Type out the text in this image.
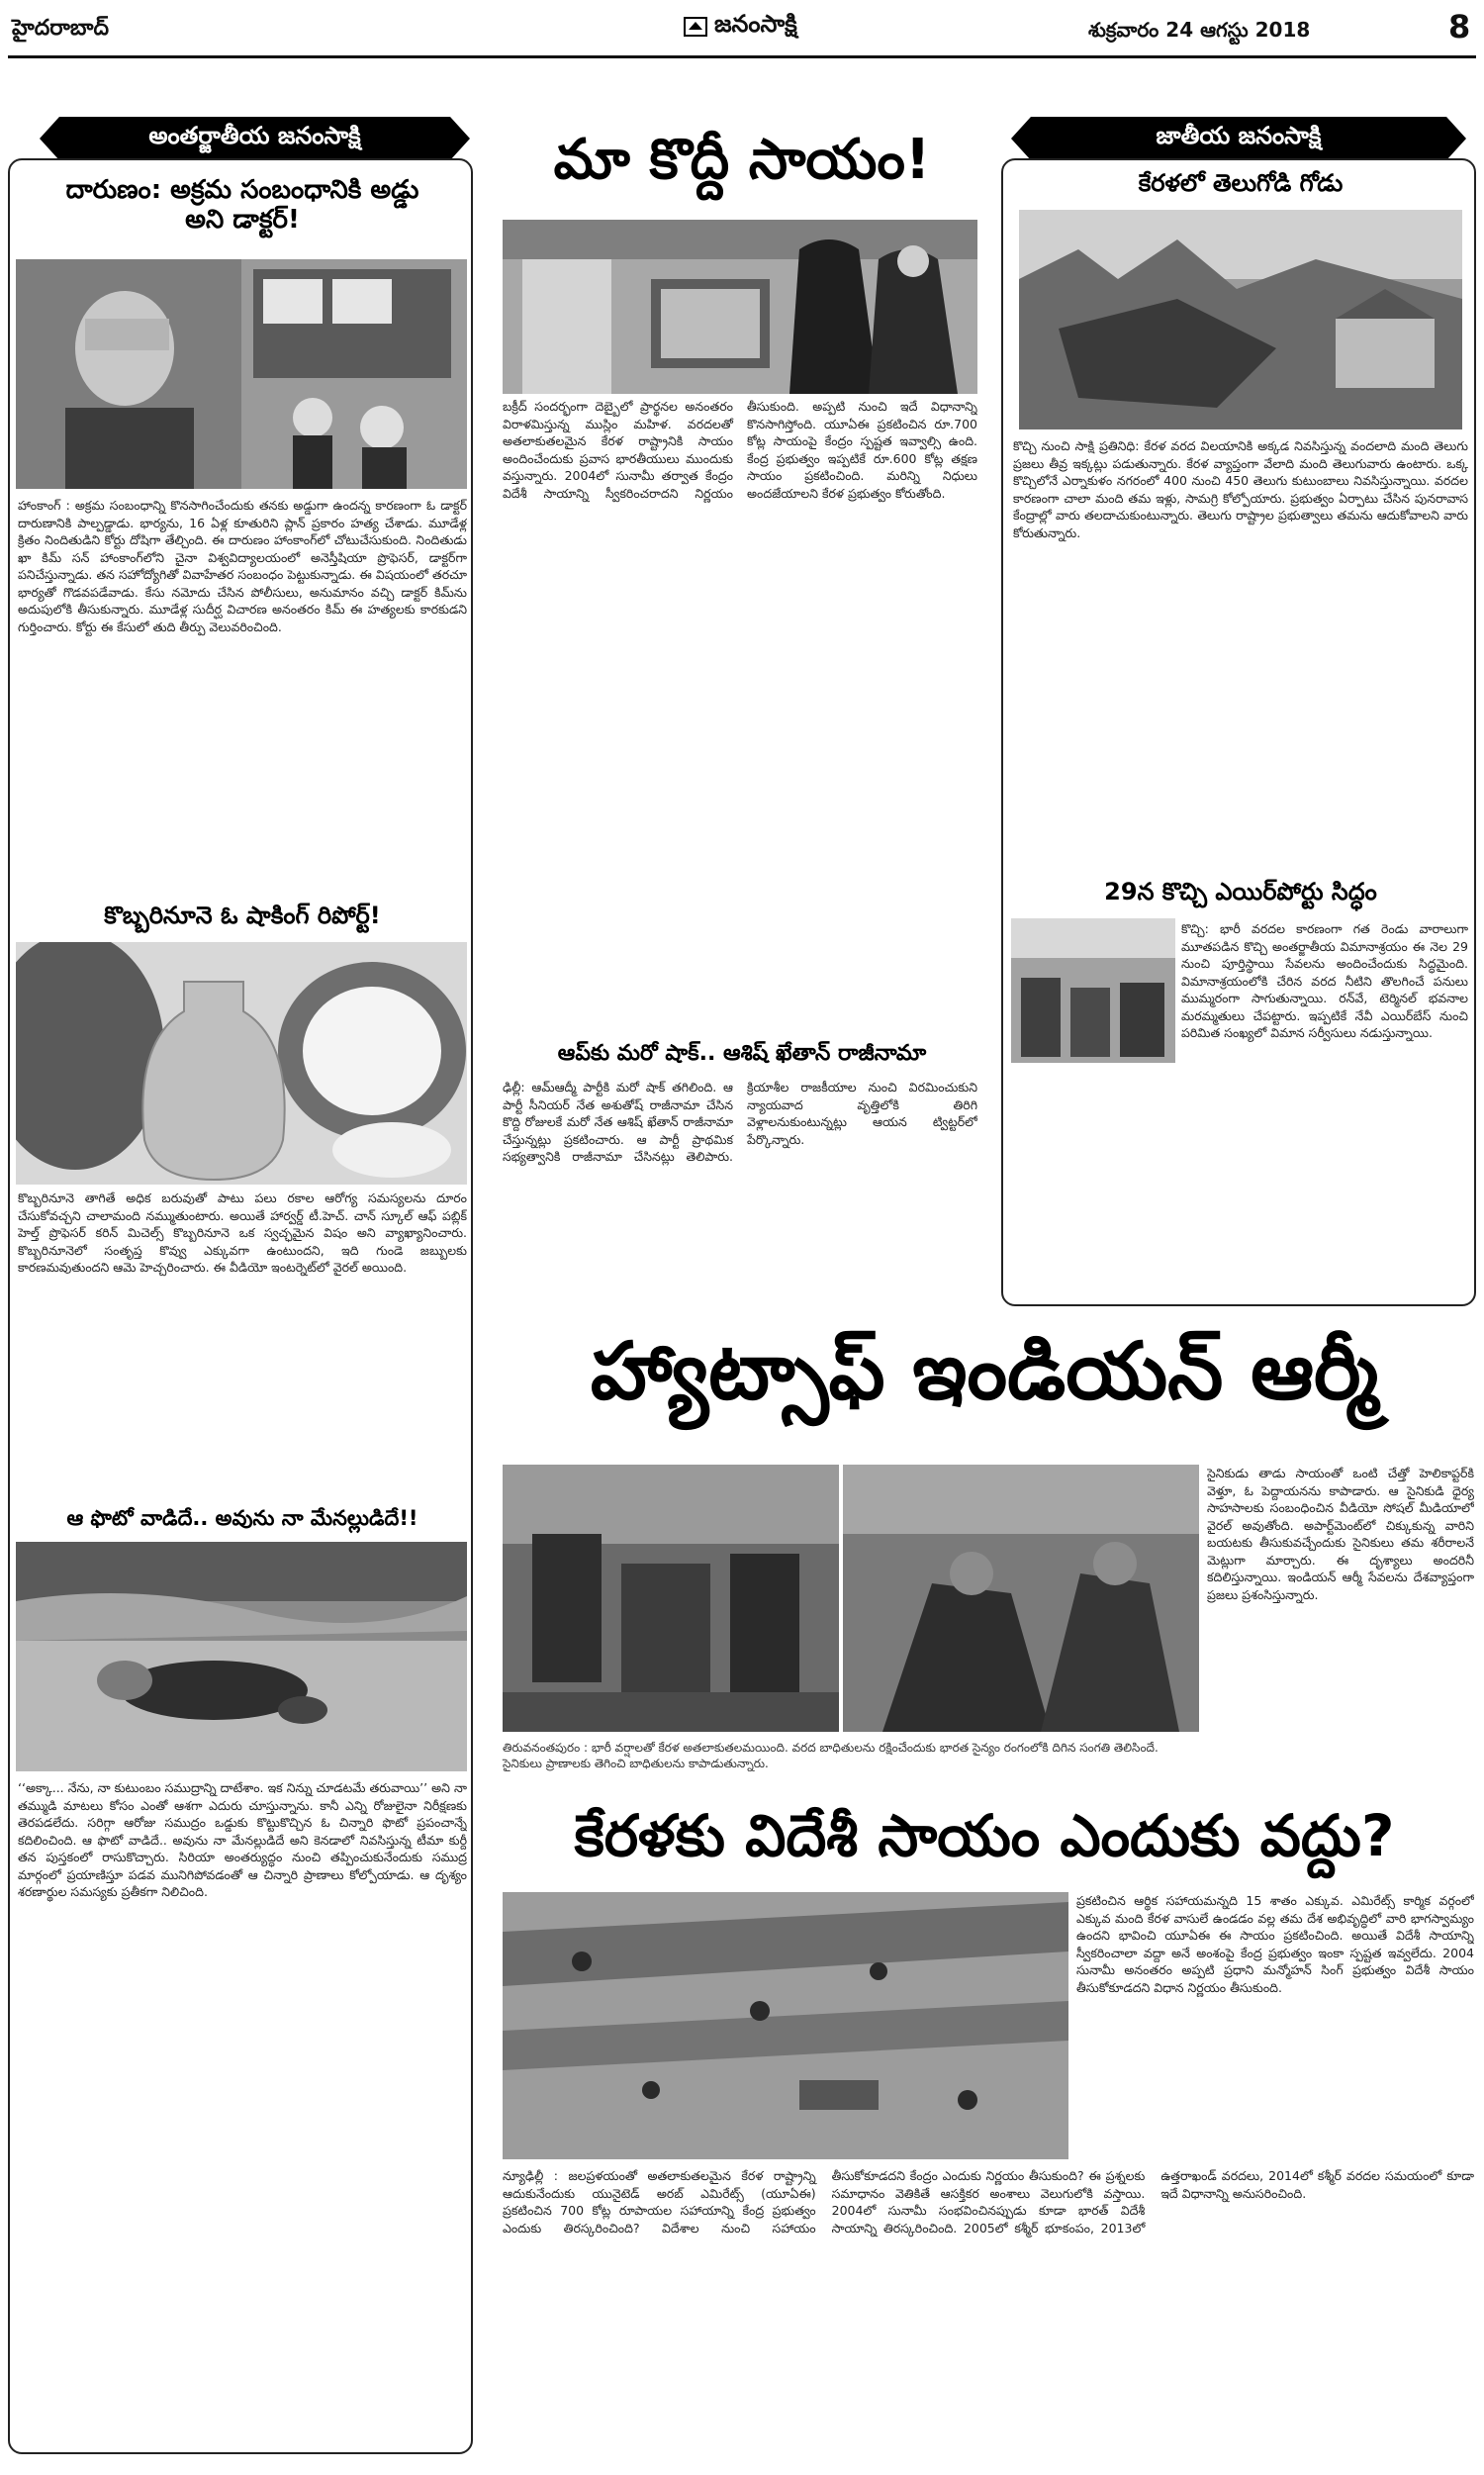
హైదరాబాద్	జనంసాక్షి	శుక్రవారం 24 ఆగస్టు 2018	8
అంతర్జాతీయ జనంసాక్షి	జాతీయ జనంసాక్షి
దారుణం: అక్రమ సంబంధానికి అడ్డు అని డాక్టర్!
హాంకాంగ్ : అక్రమ సంబంధాన్ని కొనసాగించేందుకు తనకు అడ్డుగా ఉందన్న కారణంగా ఓ డాక్టర్ దారుణానికి పాల్పడ్డాడు. భార్యను, 16 ఏళ్ల కూతురిని ప్లాన్ ప్రకారం హత్య చేశాడు. మూడేళ్ల క్రితం నిందితుడిని కోర్టు దోషిగా తేల్చింది. ఈ దారుణం హాంకాంగ్‌లో చోటుచేసుకుంది. నిందితుడు ఖా కిమ్ సన్ హాంకాంగ్‌లోని చైనా విశ్వవిద్యాలయంలో అనెస్తీషియా ప్రొఫెసర్, డాక్టర్‌గా పనిచేస్తున్నాడు. తన సహోద్యోగితో వివాహేతర సంబంధం పెట్టుకున్నాడు. ఈ విషయంలో తరచూ భార్యతో గొడవపడేవాడు. కేసు నమోదు చేసిన పోలీసులు, అనుమానం వచ్చి డాక్టర్ కిమ్‌ను అదుపులోకి తీసుకున్నారు. మూడేళ్ల సుదీర్ఘ విచారణ అనంతరం కిమ్ ఈ హత్యలకు కారకుడని గుర్తించారు. కోర్టు ఈ కేసులో తుది తీర్పు వెలువరించింది.
కొబ్బరినూనె ఓ షాకింగ్ రిపోర్ట్!
కొబ్బరినూనె తాగితే అధిక బరువుతో పాటు పలు రకాల ఆరోగ్య సమస్యలను దూరం చేసుకోవచ్చని చాలామంది నమ్ముతుంటారు. అయితే హార్వర్డ్ టీ.హెచ్. చాన్ స్కూల్ ఆఫ్ పబ్లిక్ హెల్త్ ప్రొఫెసర్ కరిన్ మిచెల్స్ కొబ్బరినూనె ఒక స్వచ్ఛమైన విషం అని వ్యాఖ్యానించారు. కొబ్బరినూనెలో సంతృప్త కొవ్వు ఎక్కువగా ఉంటుందని, ఇది గుండె జబ్బులకు కారణమవుతుందని ఆమె హెచ్చరించారు. ఈ వీడియో ఇంటర్నెట్‌లో వైరల్ అయింది.
ఆ ఫొటో వాడిదే.. అవును నా మేనల్లుడిదే!!
‘‘అక్కా... నేను, నా కుటుంబం సముద్రాన్ని దాటేశాం. ఇక నిన్ను చూడటమే తరువాయి’’ అని నా తమ్ముడి మాటలు కోసం ఎంతో ఆశగా ఎదురు చూస్తున్నాను. కానీ ఎన్ని రోజులైనా నిరీక్షణకు తెరపడలేదు. సరిగ్గా ఆరోజు సముద్రం ఒడ్డుకు కొట్టుకొచ్చిన ఓ చిన్నారి ఫొటో ప్రపంచాన్నే కదిలించింది. ఆ ఫొటో వాడిదే.. అవును నా మేనల్లుడిదే అని కెనడాలో నివసిస్తున్న టీమా కుర్దీ తన పుస్తకంలో రాసుకొచ్చారు. సిరియా అంతర్యుద్ధం నుంచి తప్పించుకునేందుకు సముద్ర మార్గంలో ప్రయాణిస్తూ పడవ మునిగిపోవడంతో ఆ చిన్నారి ప్రాణాలు కోల్పోయాడు. ఆ దృశ్యం శరణార్థుల సమస్యకు ప్రతీకగా నిలిచింది.
మా కొద్దీ సాయం!
బక్రీద్ సందర్భంగా దెబ్బైలో ప్రార్థనల అనంతరం విరాళమిస్తున్న ముస్లిం మహిళ. వరదలతో అతలాకుతలమైన కేరళ రాష్ట్రానికి సాయం అందించేందుకు ప్రవాస భారతీయులు ముందుకు వస్తున్నారు. 2004లో సునామీ తర్వాత కేంద్రం విదేశీ సాయాన్ని స్వీకరించరాదని నిర్ణయం తీసుకుంది. అప్పటి నుంచి ఇదే విధానాన్ని కొనసాగిస్తోంది. యూఏఈ ప్రకటించిన రూ.700 కోట్ల సాయంపై కేంద్రం స్పష్టత ఇవ్వాల్సి ఉంది. కేంద్ర ప్రభుత్వం ఇప్పటికే రూ.600 కోట్ల తక్షణ సాయం ప్రకటించింది. మరిన్ని నిధులు అందజేయాలని కేరళ ప్రభుత్వం కోరుతోంది.
ఆప్‌కు మరో షాక్.. ఆశిష్ ఖేతాన్ రాజీనామా
ఢిల్లీ: ఆమ్‌ఆద్మీ పార్టీకి మరో షాక్ తగిలింది. ఆ పార్టీ సీనియర్ నేత అశుతోష్ రాజీనామా చేసిన కొద్ది రోజులకే మరో నేత ఆశిష్ ఖేతాన్ రాజీనామా చేస్తున్నట్లు ప్రకటించారు. ఆ పార్టీ ప్రాథమిక సభ్యత్వానికి రాజీనామా చేసినట్లు తెలిపారు. క్రియాశీల రాజకీయాల నుంచి విరమించుకుని న్యాయవాద వృత్తిలోకి తిరిగి వెళ్లాలనుకుంటున్నట్లు ఆయన ట్విట్టర్‌లో పేర్కొన్నారు.
కేరళలో తెలుగోడి గోడు
కొచ్చి నుంచి సాక్షి ప్రతినిధి: కేరళ వరద విలయానికి అక్కడ నివసిస్తున్న వందలాది మంది తెలుగు ప్రజలు తీవ్ర ఇక్కట్లు పడుతున్నారు. కేరళ వ్యాప్తంగా వేలాది మంది తెలుగువారు ఉంటారు. ఒక్క కొచ్చిలోనే ఎర్నాకుళం నగరంలో 400 నుంచి 450 తెలుగు కుటుంబాలు నివసిస్తున్నాయి. వరదల కారణంగా చాలా మంది తమ ఇళ్లు, సామగ్రి కోల్పోయారు. ప్రభుత్వం ఏర్పాటు చేసిన పునరావాస కేంద్రాల్లో వారు తలదాచుకుంటున్నారు. తెలుగు రాష్ట్రాల ప్రభుత్వాలు తమను ఆదుకోవాలని వారు కోరుతున్నారు.
29న కొచ్చి ఎయిర్‌పోర్టు సిద్ధం
కొచ్చి: భారీ వరదల కారణంగా గత రెండు వారాలుగా మూతపడిన కొచ్చి అంతర్జాతీయ విమానాశ్రయం ఈ నెల 29 నుంచి పూర్తిస్థాయి సేవలను అందించేందుకు సిద్ధమైంది. విమానాశ్రయంలోకి చేరిన వరద నీటిని తొలగించే పనులు ముమ్మరంగా సాగుతున్నాయి. రన్‌వే, టెర్మినల్ భవనాల మరమ్మతులు చేపట్టారు. ఇప్పటికే నేవీ ఎయిర్‌బేస్ నుంచి పరిమిత సంఖ్యలో విమాన సర్వీసులు నడుస్తున్నాయి.
హ్యాట్సాఫ్ ఇండియన్ ఆర్మీ
సైనికుడు తాడు సాయంతో ఒంటి చేత్తో హెలికాప్టర్‌కి వెళ్తూ, ఓ పెద్దాయనను కాపాడారు. ఆ సైనికుడి ధైర్య సాహసాలకు సంబంధించిన వీడియో సోషల్ మీడియాలో వైరల్ అవుతోంది. అపార్ట్‌మెంట్‌లో చిక్కుకున్న వారిని బయటకు తీసుకువచ్చేందుకు సైనికులు తమ శరీరాలనే మెట్లుగా మార్చారు. ఈ దృశ్యాలు అందరినీ కదిలిస్తున్నాయి. ఇండియన్ ఆర్మీ సేవలను దేశవ్యాప్తంగా ప్రజలు ప్రశంసిస్తున్నారు.
తిరువనంతపురం : భారీ వర్షాలతో కేరళ అతలాకుతలమయింది. వరద బాధితులను రక్షించేందుకు భారత సైన్యం రంగంలోకి దిగిన సంగతి తెలిసిందే. సైనికులు ప్రాణాలకు తెగించి బాధితులను కాపాడుతున్నారు.
కేరళకు విదేశీ సాయం ఎందుకు వద్దు?
ప్రకటించిన ఆర్థిక సహాయమన్నది 15 శాతం ఎక్కువ. ఎమిరేట్స్ కార్మిక వర్గంలో ఎక్కువ మంది కేరళ వాసులే ఉండడం వల్ల తమ దేశ అభివృద్ధిలో వారి భాగస్వామ్యం ఉందని భావించి యూఏఈ ఈ సాయం ప్రకటించింది. అయితే విదేశీ సాయాన్ని స్వీకరించాలా వద్దా అనే అంశంపై కేంద్ర ప్రభుత్వం ఇంకా స్పష్టత ఇవ్వలేదు. 2004 సునామీ అనంతరం అప్పటి ప్రధాని మన్మోహన్ సింగ్ ప్రభుత్వం విదేశీ సాయం తీసుకోకూడదని విధాన నిర్ణయం తీసుకుంది.
న్యూఢిల్లీ : జలప్రళయంతో అతలాకుతలమైన కేరళ రాష్ట్రాన్ని ఆదుకునేందుకు యునైటెడ్ అరబ్ ఎమిరేట్స్ (యూఏఈ) ప్రకటించిన 700 కోట్ల రూపాయల సహాయాన్ని కేంద్ర ప్రభుత్వం ఎందుకు తిరస్కరించింది? విదేశాల నుంచి సహాయం తీసుకోకూడదని కేంద్రం ఎందుకు నిర్ణయం తీసుకుంది? ఈ ప్రశ్నలకు సమాధానం వెతికితే ఆసక్తికర అంశాలు వెలుగులోకి వస్తాయి. 2004లో సునామీ సంభవించినప్పుడు కూడా భారత్ విదేశీ సాయాన్ని తిరస్కరించింది. 2005లో కశ్మీర్ భూకంపం, 2013లో ఉత్తరాఖండ్ వరదలు, 2014లో కశ్మీర్ వరదల సమయంలో కూడా ఇదే విధానాన్ని అనుసరించింది.
